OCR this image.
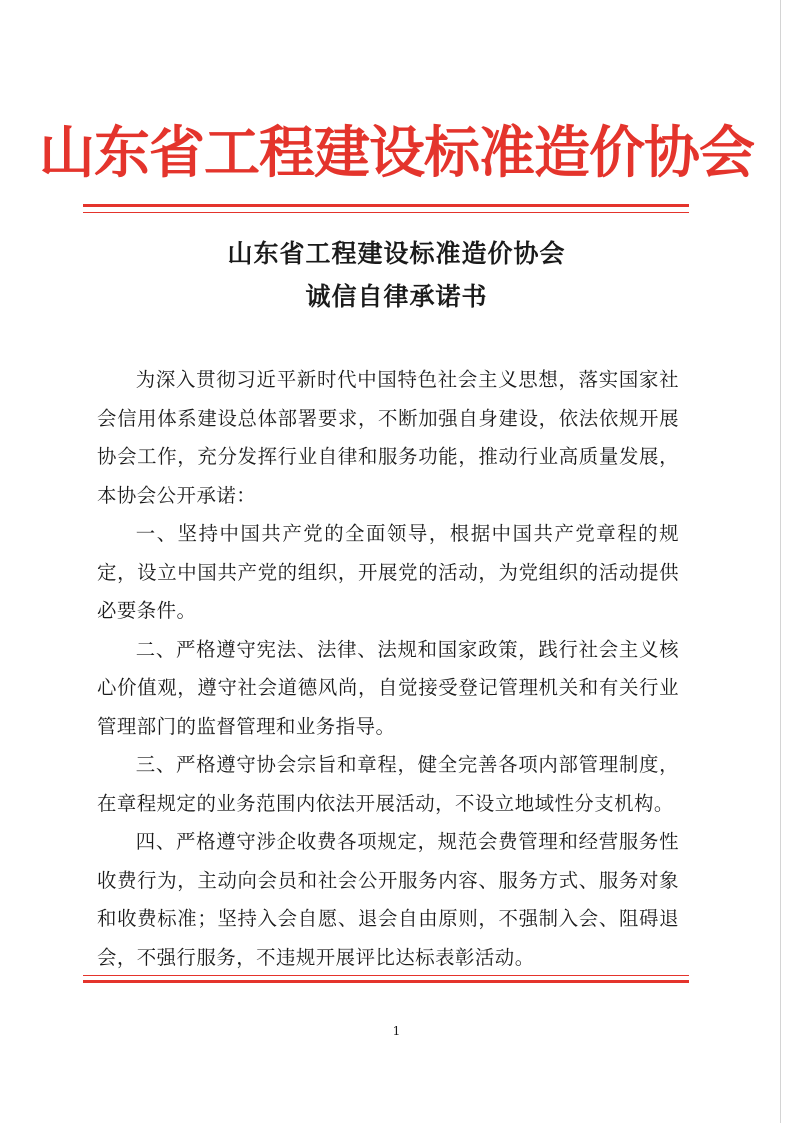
山东省工程建设标准造价协会
山东省工程建设标准造价协会
诚信自律承诺书

为深入贯彻习近平新时代中国特色社会主义思想，落实国家社会信用体系建设总体部署要求，不断加强自身建设，依法依规开展协会工作，充分发挥行业自律和服务功能，推动行业高质量发展，本协会公开承诺：

一、坚持中国共产党的全面领导，根据中国共产党章程的规定，设立中国共产党的组织，开展党的活动，为党组织的活动提供必要条件。

二、严格遵守宪法、法律、法规和国家政策，践行社会主义核心价值观，遵守社会道德风尚，自觉接受登记管理机关和有关行业管理部门的监督管理和业务指导。

三、严格遵守协会宗旨和章程，健全完善各项内部管理制度，在章程规定的业务范围内依法开展活动，不设立地域性分支机构。

四、严格遵守涉企收费各项规定，规范会费管理和经营服务性收费行为，主动向会员和社会公开服务内容、服务方式、服务对象和收费标准；坚持入会自愿、退会自由原则，不强制入会、阻碍退会，不强行服务，不违规开展评比达标表彰活动。

1
